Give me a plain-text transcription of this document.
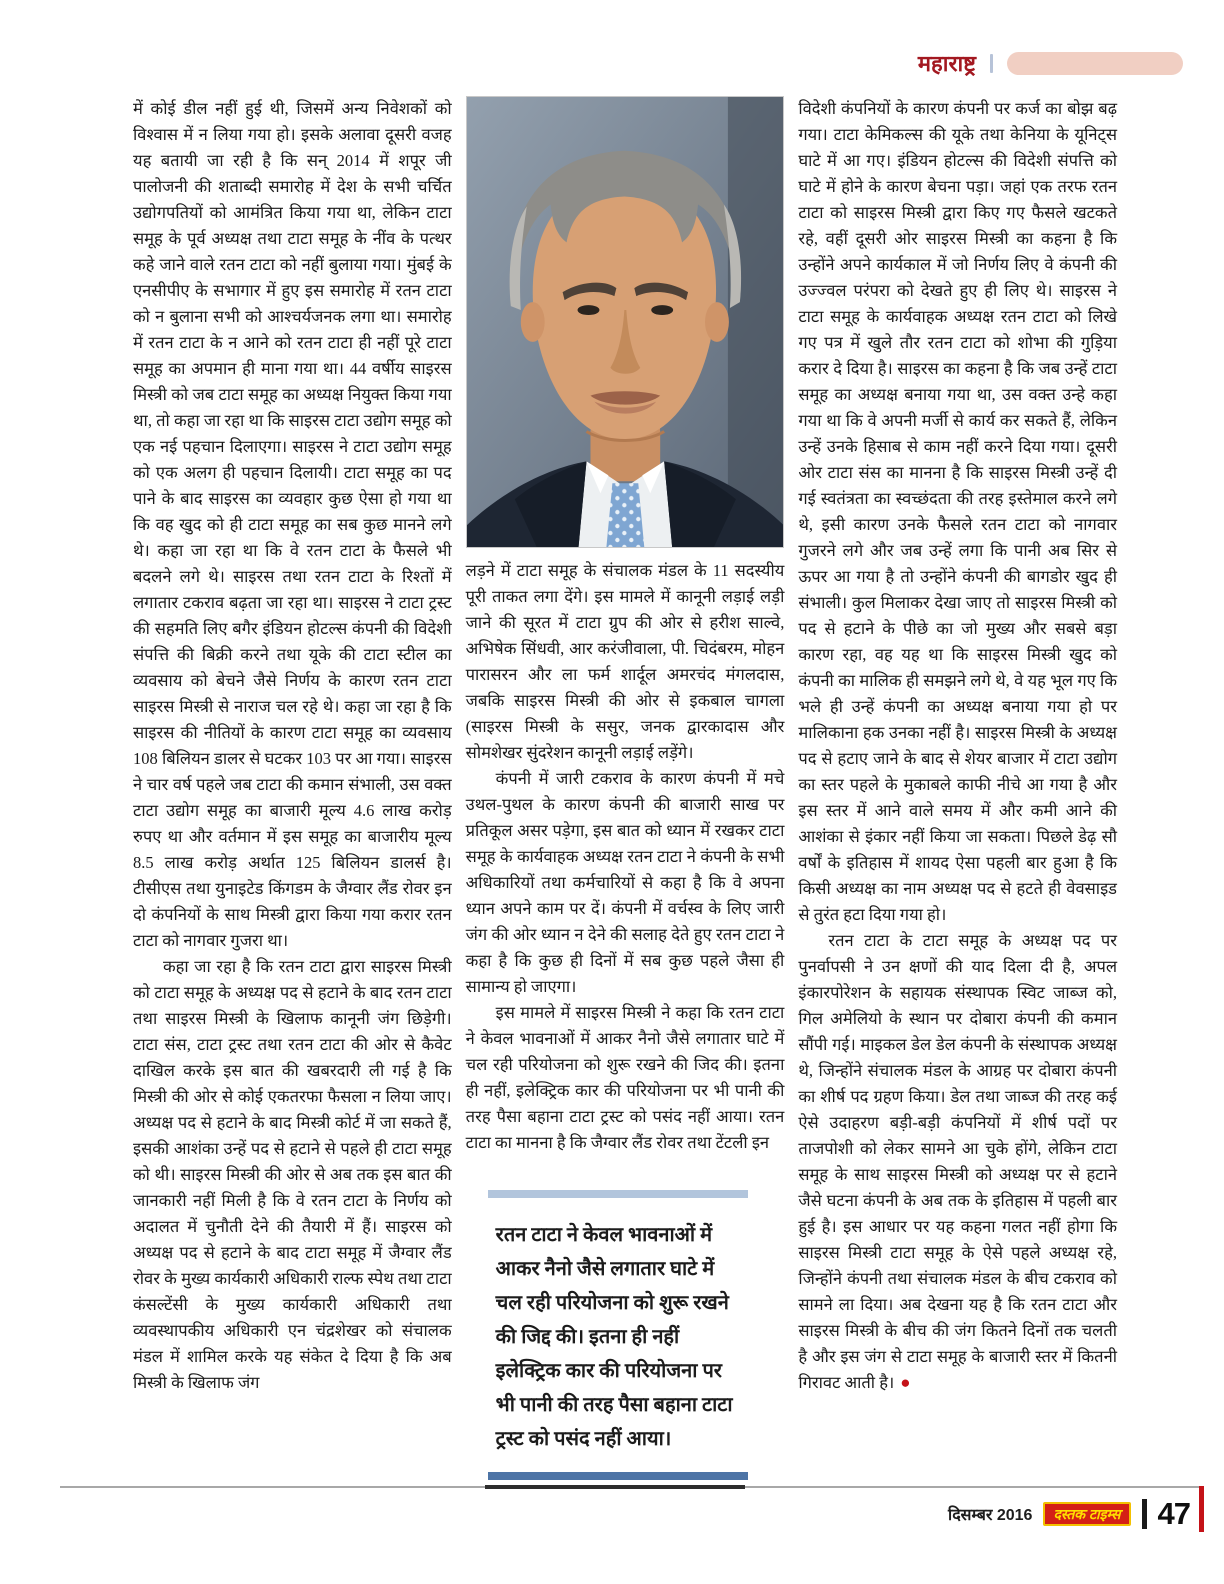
महाराष्ट्र

में कोई डील नहीं हुई थी, जिसमें अन्य निवेशकों को विश्वास में न लिया गया हो। इसके अलावा दूसरी वजह यह बतायी जा रही है कि सन् 2014 में शपूर जी पालोजनी की शताब्दी समारोह में देश के सभी चर्चित उद्योगपतियों को आमंत्रित किया गया था, लेकिन टाटा समूह के पूर्व अध्यक्ष तथा टाटा समूह के नींव के पत्थर कहे जाने वाले रतन टाटा को नहीं बुलाया गया। मुंबई के एनसीपीए के सभागार में हुए इस समारोह में रतन टाटा को न बुलाना सभी को आश्चर्यजनक लगा था। समारोह में रतन टाटा के न आने को रतन टाटा ही नहीं पूरे टाटा समूह का अपमान ही माना गया था। 44 वर्षीय साइरस मिस्त्री को जब टाटा समूह का अध्यक्ष नियुक्त किया गया था, तो कहा जा रहा था कि साइरस टाटा उद्योग समूह को एक नई पहचान दिलाएगा। साइरस ने टाटा उद्योग समूह को एक अलग ही पहचान दिलायी। टाटा समूह का पद पाने के बाद साइरस का व्यवहार कुछ ऐसा हो गया था कि वह खुद को ही टाटा समूह का सब कुछ मानने लगे थे। कहा जा रहा था कि वे रतन टाटा के फैसले भी बदलने लगे थे। साइरस तथा रतन टाटा के रिश्तों में लगातार टकराव बढ़ता जा रहा था। साइरस ने टाटा ट्रस्ट की सहमति लिए बगैर इंडियन होटल्स कंपनी की विदेशी संपत्ति की बिक्री करने तथा यूके की टाटा स्टील का व्यवसाय को बेचने जैसे निर्णय के कारण रतन टाटा साइरस मिस्त्री से नाराज चल रहे थे। कहा जा रहा है कि साइरस की नीतियों के कारण टाटा समूह का व्यवसाय 108 बिलियन डालर से घटकर 103 पर आ गया। साइरस ने चार वर्ष पहले जब टाटा की कमान संभाली, उस वक्त टाटा उद्योग समूह का बाजारी मूल्य 4.6 लाख करोड़ रुपए था और वर्तमान में इस समूह का बाजारीय मूल्य 8.5 लाख करोड़ अर्थात 125 बिलियन डालर्स है। टीसीएस तथा युनाइटेड किंगडम के जैग्वार लैंड रोवर इन दो कंपनियों के साथ मिस्त्री द्वारा किया गया करार रतन टाटा को नागवार गुजरा था।

कहा जा रहा है कि रतन टाटा द्वारा साइरस मिस्त्री को टाटा समूह के अध्यक्ष पद से हटाने के बाद रतन टाटा तथा साइरस मिस्त्री के खिलाफ कानूनी जंग छिड़ेगी। टाटा संस, टाटा ट्रस्ट तथा रतन टाटा की ओर से कैवेट दाखिल करके इस बात की खबरदारी ली गई है कि मिस्त्री की ओर से कोई एकतरफा फैसला न लिया जाए। अध्यक्ष पद से हटाने के बाद मिस्त्री कोर्ट में जा सकते हैं, इसकी आशंका उन्हें पद से हटाने से पहले ही टाटा समूह को थी। साइरस मिस्त्री की ओर से अब तक इस बात की जानकारी नहीं मिली है कि वे रतन टाटा के निर्णय को अदालत में चुनौती देने की तैयारी में हैं। साइरस को अध्यक्ष पद से हटाने के बाद टाटा समूह में जैग्वार लैंड रोवर के मुख्य कार्यकारी अधिकारी राल्फ स्पेथ तथा टाटा कंसल्टेंसी के मुख्य कार्यकारी अधिकारी तथा व्यवस्थापकीय अधिकारी एन चंद्रशेखर को संचालक मंडल में शामिल करके यह संकेत दे दिया है कि अब मिस्त्री के खिलाफ जंग

लड़ने में टाटा समूह के संचालक मंडल के 11 सदस्यीय पूरी ताकत लगा देंगे। इस मामले में कानूनी लड़ाई लड़ी जाने की सूरत में टाटा ग्रुप की ओर से हरीश साल्वे, अभिषेक सिंधवी, आर करंजीवाला, पी. चिदंबरम, मोहन पारासरन और ला फर्म शार्दूल अमरचंद मंगलदास, जबकि साइरस मिस्त्री की ओर से इकबाल चागला (साइरस मिस्त्री के ससुर, जनक द्वारकादास और सोमशेखर सुंदरेशन कानूनी लड़ाई लड़ेंगे।

कंपनी में जारी टकराव के कारण कंपनी में मचे उथल-पुथल के कारण कंपनी की बाजारी साख पर प्रतिकूल असर पड़ेगा, इस बात को ध्यान में रखकर टाटा समूह के कार्यवाहक अध्यक्ष रतन टाटा ने कंपनी के सभी अधिकारियों तथा कर्मचारियों से कहा है कि वे अपना ध्यान अपने काम पर दें। कंपनी में वर्चस्व के लिए जारी जंग की ओर ध्यान न देने की सलाह देते हुए रतन टाटा ने कहा है कि कुछ ही दिनों में सब कुछ पहले जैसा ही सामान्य हो जाएगा।

इस मामले में साइरस मिस्त्री ने कहा कि रतन टाटा ने केवल भावनाओं में आकर नैनो जैसे लगातार घाटे में चल रही परियोजना को शुरू रखने की जिद की। इतना ही नहीं, इलेक्ट्रिक कार की परियोजना पर भी पानी की तरह पैसा बहाना टाटा ट्रस्ट को पसंद नहीं आया। रतन टाटा का मानना है कि जैग्वार लैंड रोवर तथा टेंटली इन

रतन टाटा ने केवल भावनाओं में आकर नैनो जैसे लगातार घाटे में चल रही परियोजना को शुरू रखने की जिद्द की। इतना ही नहीं इलेक्ट्रिक कार की परियोजना पर भी पानी की तरह पैसा बहाना टाटा ट्रस्ट को पसंद नहीं आया।

विदेशी कंपनियों के कारण कंपनी पर कर्ज का बोझ बढ़ गया। टाटा केमिकल्स की यूके तथा केनिया के यूनिट्स घाटे में आ गए। इंडियन होटल्स की विदेशी संपत्ति को घाटे में होने के कारण बेचना पड़ा। जहां एक तरफ रतन टाटा को साइरस मिस्त्री द्वारा किए गए फैसले खटकते रहे, वहीं दूसरी ओर साइरस मिस्त्री का कहना है कि उन्होंने अपने कार्यकाल में जो निर्णय लिए वे कंपनी की उज्ज्वल परंपरा को देखते हुए ही लिए थे। साइरस ने टाटा समूह के कार्यवाहक अध्यक्ष रतन टाटा को लिखे गए पत्र में खुले तौर रतन टाटा को शोभा की गुड़िया करार दे दिया है। साइरस का कहना है कि जब उन्हें टाटा समूह का अध्यक्ष बनाया गया था, उस वक्त उन्हे कहा गया था कि वे अपनी मर्जी से कार्य कर सकते हैं, लेकिन उन्हें उनके हिसाब से काम नहीं करने दिया गया। दूसरी ओर टाटा संस का मानना है कि साइरस मिस्त्री उन्हें दी गई स्वतंत्रता का स्वच्छंदता की तरह इस्तेमाल करने लगे थे, इसी कारण उनके फैसले रतन टाटा को नागवार गुजरने लगे और जब उन्हें लगा कि पानी अब सिर से ऊपर आ गया है तो उन्होंने कंपनी की बागडोर खुद ही संभाली। कुल मिलाकर देखा जाए तो साइरस मिस्त्री को पद से हटाने के पीछे का जो मुख्य और सबसे बड़ा कारण रहा, वह यह था कि साइरस मिस्त्री खुद को कंपनी का मालिक ही समझने लगे थे, वे यह भूल गए कि भले ही उन्हें कंपनी का अध्यक्ष बनाया गया हो पर मालिकाना हक उनका नहीं है। साइरस मिस्त्री के अध्यक्ष पद से हटाए जाने के बाद से शेयर बाजार में टाटा उद्योग का स्तर पहले के मुकाबले काफी नीचे आ गया है और इस स्तर में आने वाले समय में और कमी आने की आशंका से इंकार नहीं किया जा सकता। पिछले डेढ़ सौ वर्षों के इतिहास में शायद ऐसा पहली बार हुआ है कि किसी अध्यक्ष का नाम अध्यक्ष पद से हटते ही वेवसाइड से तुरंत हटा दिया गया हो।

रतन टाटा के टाटा समूह के अध्यक्ष पद पर पुनर्वापसी ने उन क्षणों की याद दिला दी है, अपल इंकारपोरेशन के सहायक संस्थापक स्विट जाब्ज को, गिल अमेलियो के स्थान पर दोबारा कंपनी की कमान सौंपी गई। माइकल डेल डेल कंपनी के संस्थापक अध्यक्ष थे, जिन्होंने संचालक मंडल के आग्रह पर दोबारा कंपनी का शीर्ष पद ग्रहण किया। डेल तथा जाब्ज की तरह कई ऐसे उदाहरण बड़ी-बड़ी कंपनियों में शीर्ष पदों पर ताजपोशी को लेकर सामने आ चुके होंगे, लेकिन टाटा समूह के साथ साइरस मिस्त्री को अध्यक्ष पर से हटाने जैसे घटना कंपनी के अब तक के इतिहास में पहली बार हुई है। इस आधार पर यह कहना गलत नहीं होगा कि साइरस मिस्त्री टाटा समूह के ऐसे पहले अध्यक्ष रहे, जिन्होंने कंपनी तथा संचालक मंडल के बीच टकराव को सामने ला दिया। अब देखना यह है कि रतन टाटा और साइरस मिस्त्री के बीच की जंग कितने दिनों तक चलती है और इस जंग से टाटा समूह के बाजारी स्तर में कितनी गिरावट आती है। ●

दिसम्बर 2016	दस्तक टाइम्स	47
